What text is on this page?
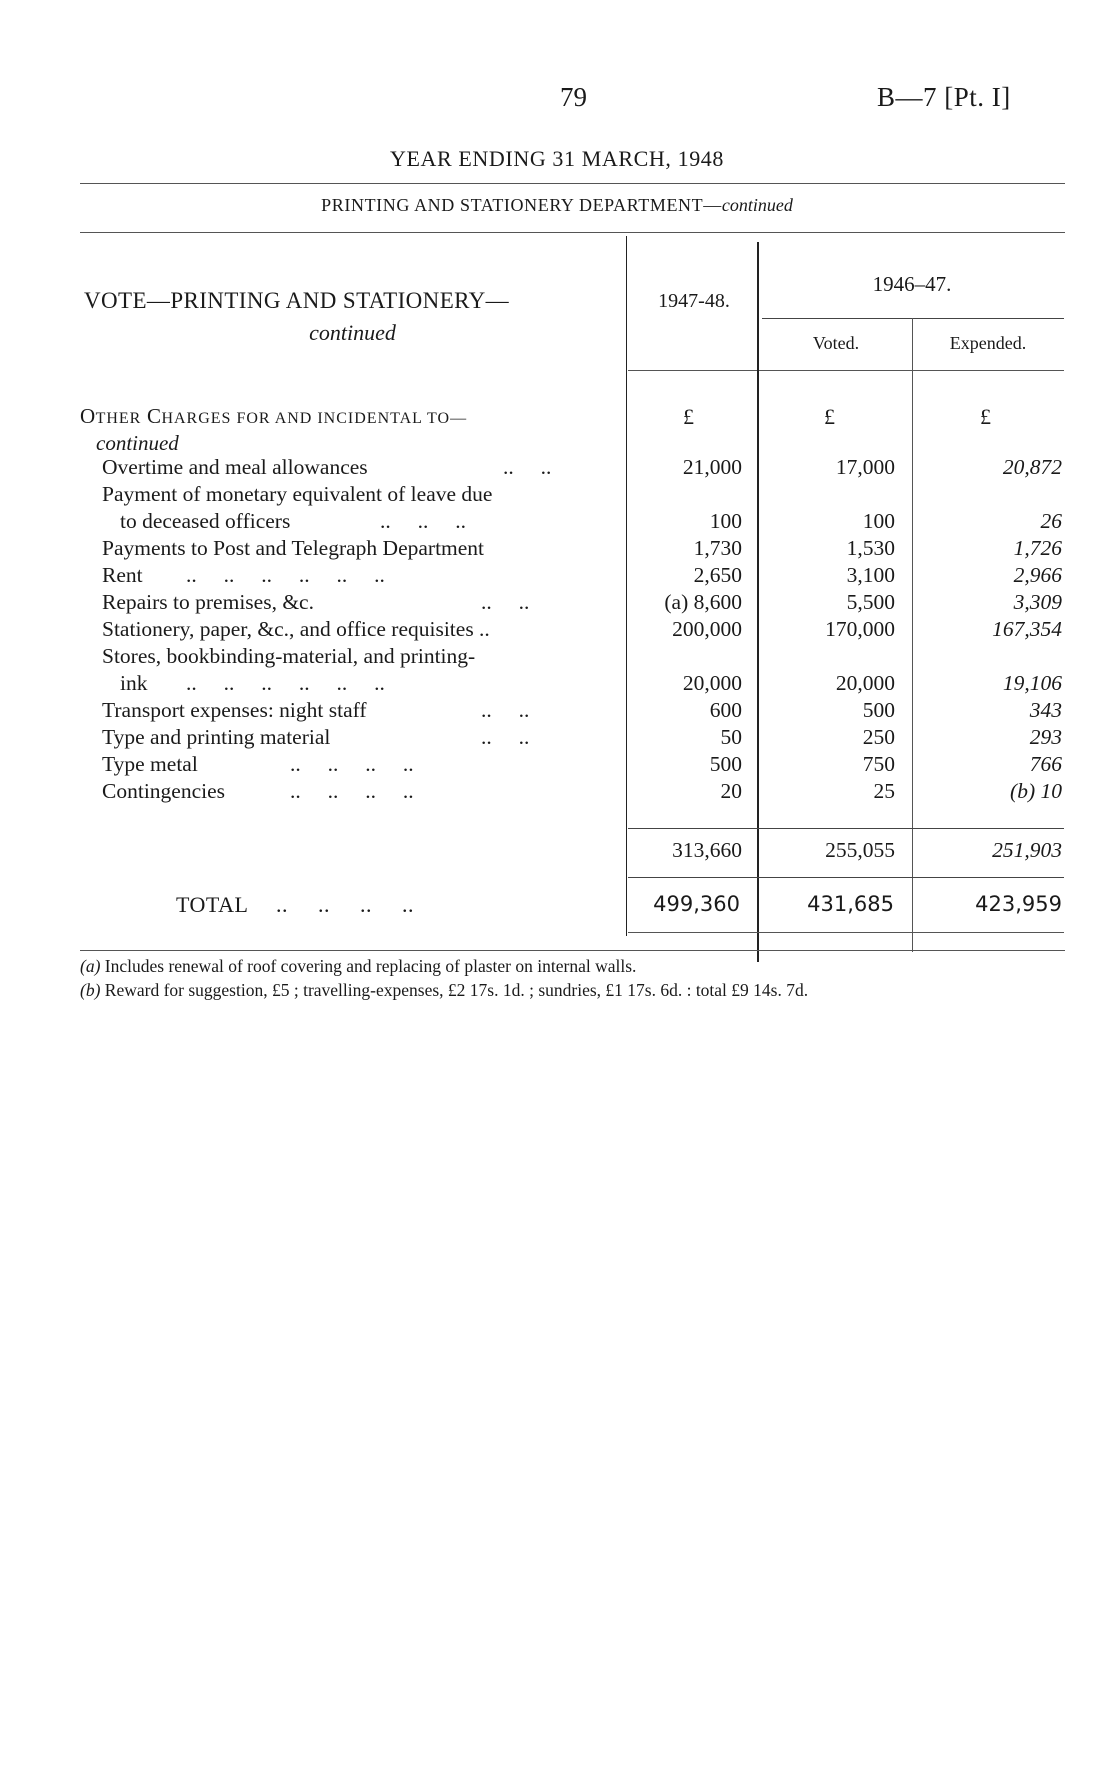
79	B—7 [Pt. I]
YEAR ENDING 31 MARCH, 1948
PRINTING AND STATIONERY DEPARTMENT—continued
VOTE—PRINTING AND STATIONERY—
continued
1947-48.
1946–47.
Voted.	Expended.
OTHER CHARGES FOR AND INCIDENTAL TO—
continued
£	£	£
Overtime and meal allowances	..     ..	21,000	17,000	20,872
Payment of monetary equivalent of leave due
to deceased officers	..     ..     ..	100	100	26
Payments to Post and Telegraph Department	1,730	1,530	1,726
Rent ..     ..     ..     ..     ..     ..	2,650	3,100	2,966
Repairs to premises, &c.	..     ..	(a) 8,600	5,500	3,309
Stationery, paper, &c., and office requisites ..	200,000	170,000	167,354
Stores, bookbinding-material, and printing-
ink ..     ..     ..     ..     ..     ..	20,000	20,000	19,106
Transport expenses: night staff	..     ..	600	500	343
Type and printing material	..     ..	50	250	293
Type metal	..     ..     ..     ..	500	750	766
Contingencies	..     ..     ..     ..	20	25	(b) 10
313,660	255,055	251,903
TOTAL ..     ..     ..     ..	499,360	431,685	423,959
(a) Includes renewal of roof covering and replacing of plaster on internal walls.
(b) Reward for suggestion, £5 ; travelling-expenses, £2 17s. 1d. ; sundries, £1 17s. 6d. : total £9 14s. 7d.
